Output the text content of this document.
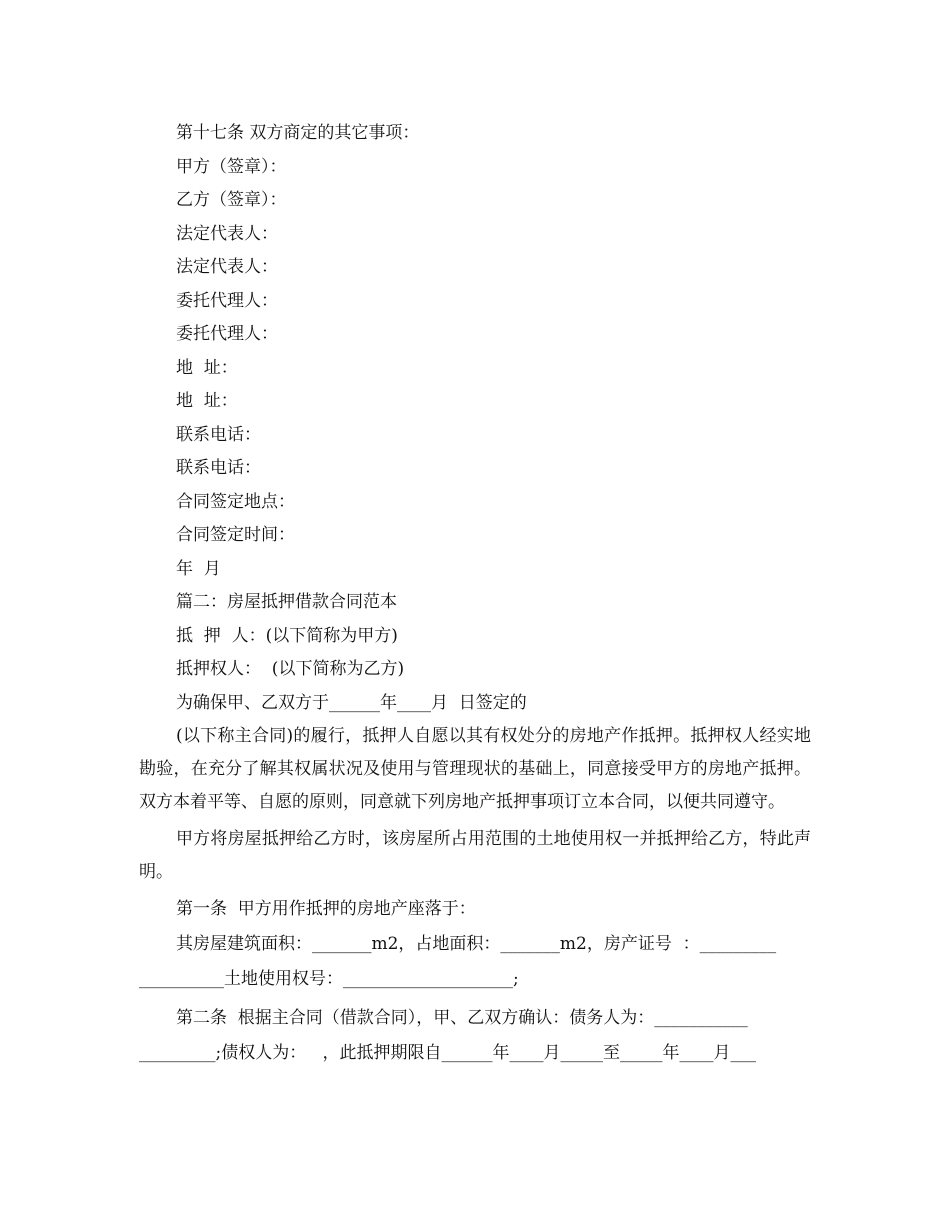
第十七条 双方商定的其它事项：
甲方（签章）：
乙方（签章）：
法定代表人：
法定代表人：
委托代理人：
委托代理人：
地  址：
地  址：
联系电话：
联系电话：
合同签定地点：
合同签定时间：
年  月
篇二：房屋抵押借款合同范本
抵  押  人：(以下简称为甲方)
抵押权人：  (以下简称为乙方)
为确保甲、乙双方于______年____月  日签定的
(以下称主合同)的履行，抵押人自愿以其有权处分的房地产作抵押。抵押权人经实地勘验，在充分了解其权属状况及使用与管理现状的基础上，同意接受甲方的房地产抵押。双方本着平等、自愿的原则，同意就下列房地产抵押事项订立本合同，以便共同遵守。
甲方将房屋抵押给乙方时，该房屋所占用范围的土地使用权一并抵押给乙方，特此声明。
第一条  甲方用作抵押的房地产座落于：
其房屋建筑面积：_______m2，占地面积：_______m2，房产证号  ：_________
__________土地使用权号：____________________;
第二条  根据主合同（借款合同），甲、乙双方确认：债务人为：___________
_________;债权人为：   ，此抵押期限自______年____月_____至_____年____月___
